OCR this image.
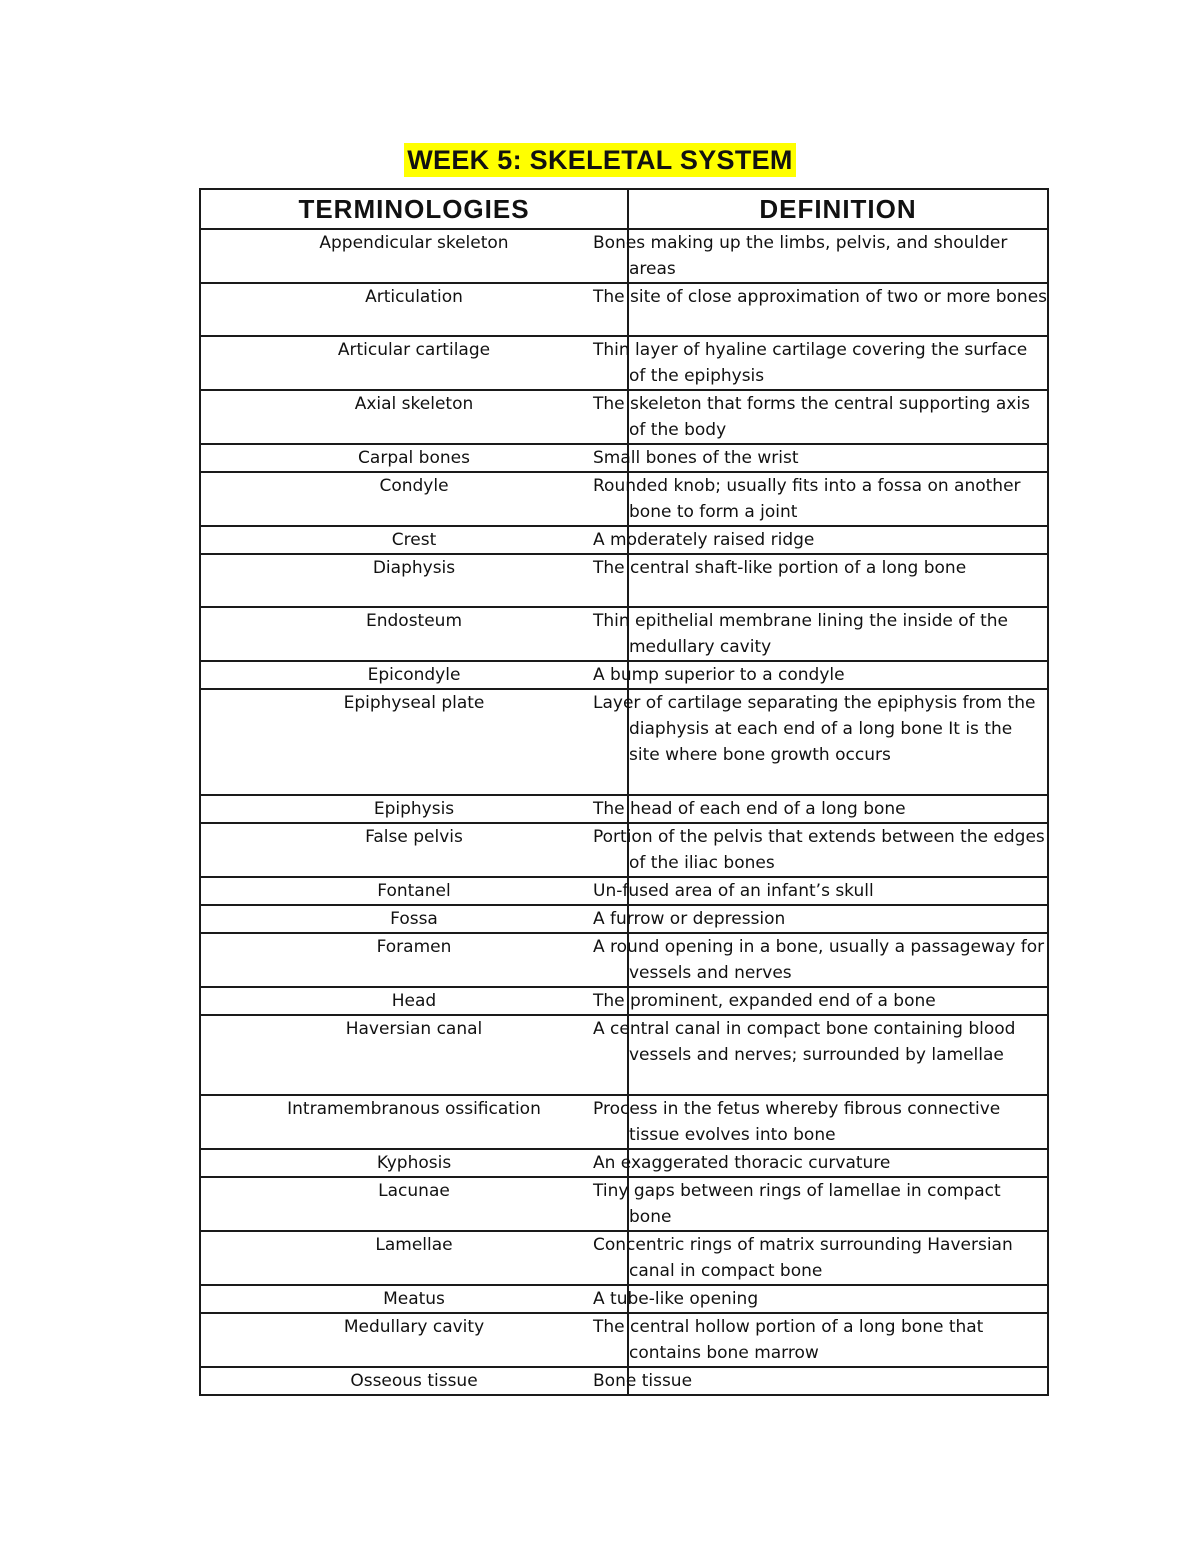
WEEK 5: SKELETAL SYSTEM
TERMINOLOGIES	DEFINITION
Appendicular skeleton	Bones making up the limbs, pelvis, and shoulder areas
Articulation	The site of close approximation of two or more bones
Articular cartilage	Thin layer of hyaline cartilage covering the surface of the epiphysis
Axial skeleton	The skeleton that forms the central supporting axis of the body
Carpal bones	Small bones of the wrist
Condyle	Rounded knob; usually fits into a fossa on another bone to form a joint
Crest	A moderately raised ridge
Diaphysis	The central shaft-like portion of a long bone
Endosteum	Thin epithelial membrane lining the inside of the medullary cavity
Epicondyle	A bump superior to a condyle
Epiphyseal plate	Layer of cartilage separating the epiphysis from the diaphysis at each end of a long bone It is the site where bone growth occurs
Epiphysis	The head of each end of a long bone
False pelvis	Portion of the pelvis that extends between the edges of the iliac bones
Fontanel	Un-fused area of an infant’s skull
Fossa	A furrow or depression
Foramen	A round opening in a bone, usually a passageway for vessels and nerves
Head	The prominent, expanded end of a bone
Haversian canal	A central canal in compact bone containing blood vessels and nerves; surrounded by lamellae
Intramembranous ossification	Process in the fetus whereby fibrous connective tissue evolves into bone
Kyphosis	An exaggerated thoracic curvature
Lacunae	Tiny gaps between rings of lamellae in compact bone
Lamellae	Concentric rings of matrix surrounding Haversian canal in compact bone
Meatus	A tube-like opening
Medullary cavity	The central hollow portion of a long bone that contains bone marrow
Osseous tissue	Bone tissue
